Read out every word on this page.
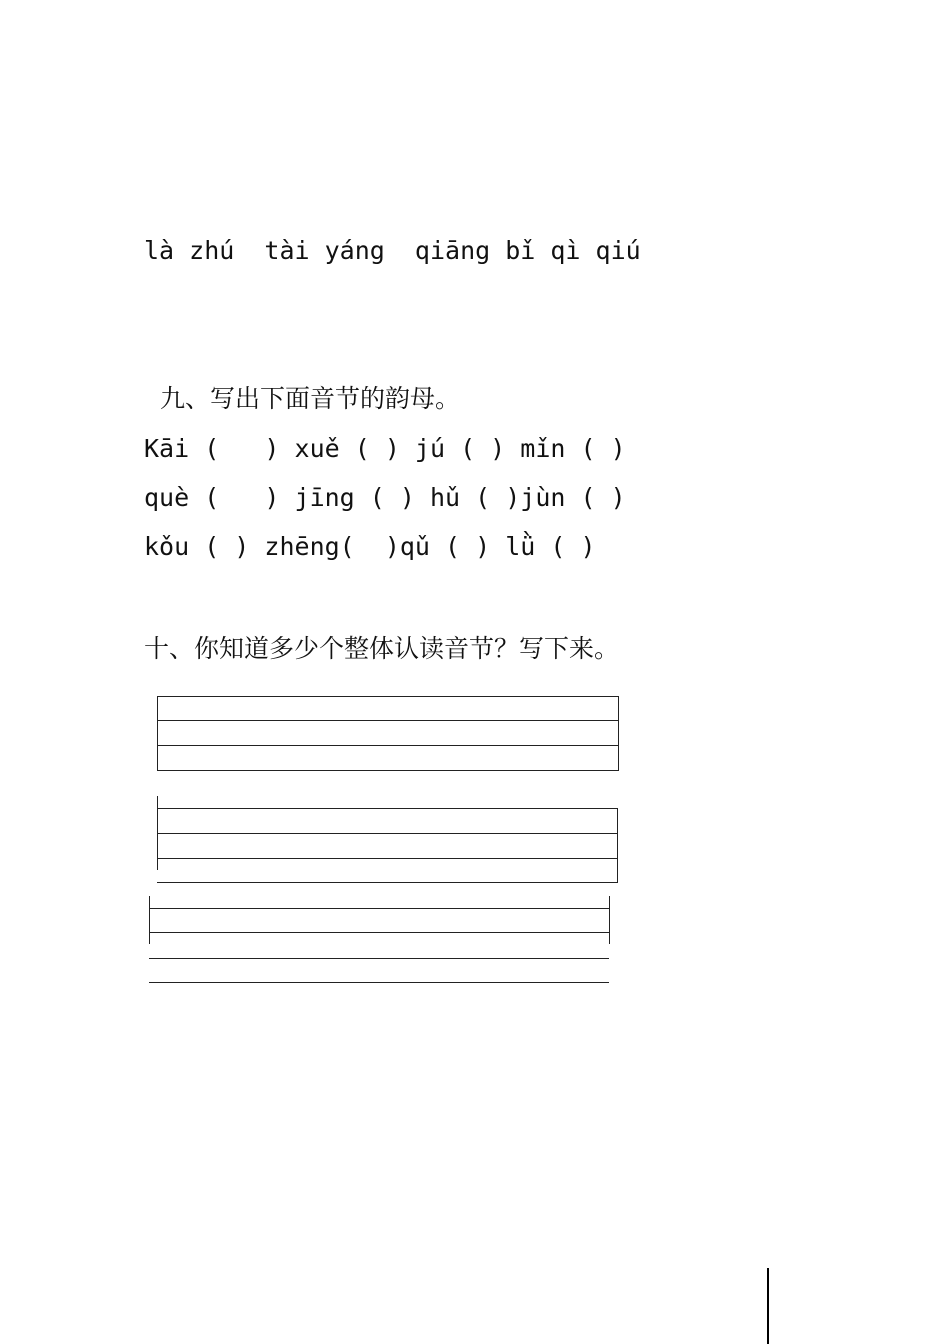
là zhú  tài yáng  qiāng bǐ qì qiú
九、写出下面音节的韵母。
Kāi (   ) xuě ( ) jú ( ) mǐn ( )
què (   ) jīng ( ) hǔ ( )jùn ( )
kǒu ( ) zhēng(  )qǔ ( ) lǜ ( )
十、你知道多少个整体认读音节？写下来。
